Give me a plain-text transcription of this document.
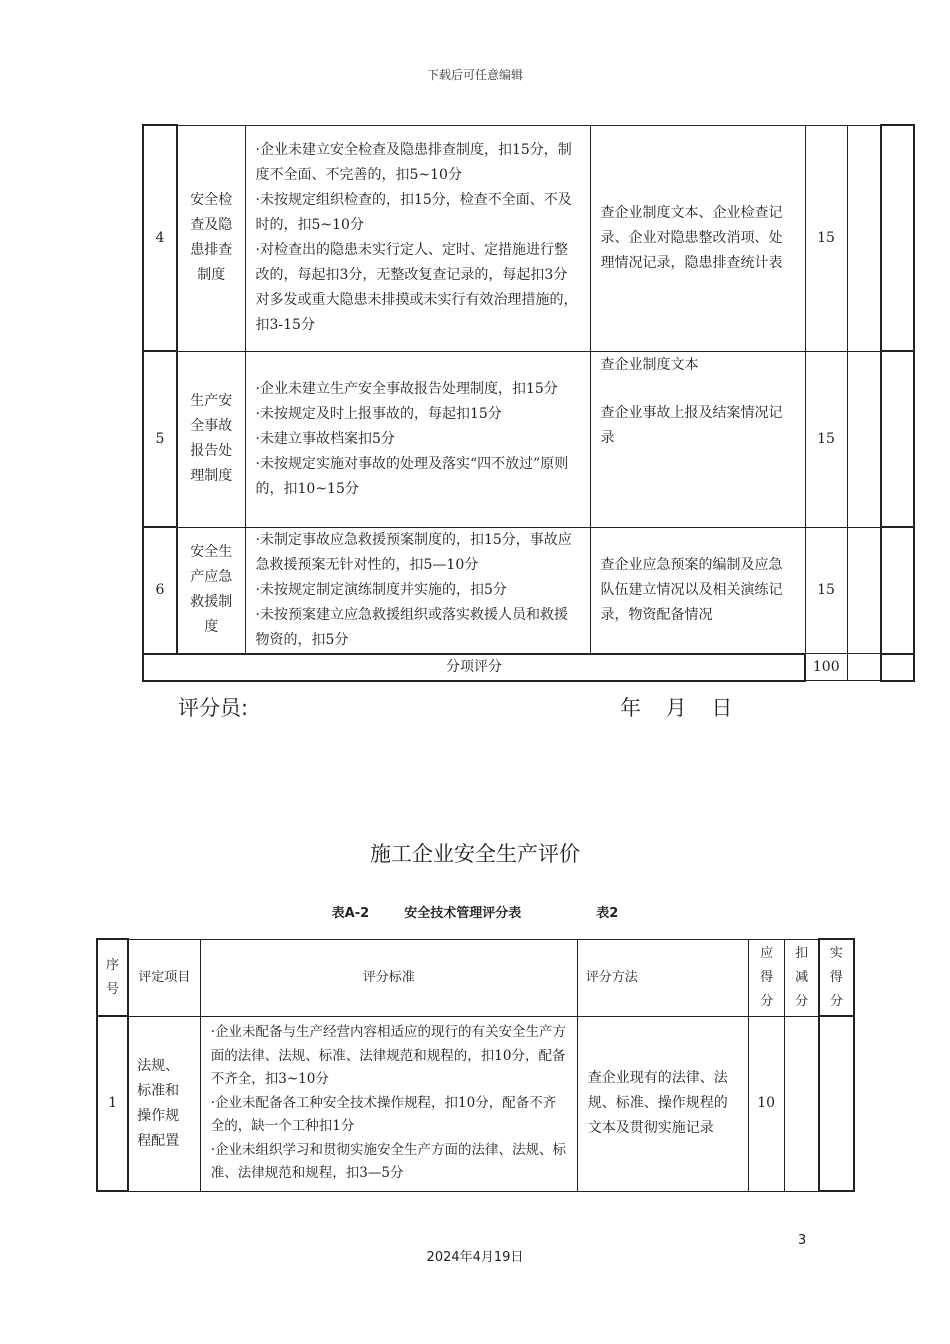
下载后可任意编辑
4	安全检查及隐患排查制度	·企业未建立安全检查及隐患排查制度，扣15分，制度不全面、不完善的，扣5~10分
·未按规定组织检查的，扣15分，检查不全面、不及时的，扣5~10分
·对检查出的隐患未实行定人、定时、定措施进行整改的，每起扣3分，无整改复查记录的，每起扣3分
对多发或重大隐患未排摸或未实行有效治理措施的，扣3-15分	查企业制度文本、企业检查记录、企业对隐患整改消项、处理情况记录，隐患排查统计表	15		
5	生产安全事故报告处理制度	·企业未建立生产安全事故报告处理制度，扣15分
·未按规定及时上报事故的，每起扣15分
·未建立事故档案扣5分
·未按规定实施对事故的处理及落实“四不放过”原则的，扣10~15分	查企业制度文本
查企业事故上报及结案情况记录	15		
6	安全生产应急救援制度	·未制定事故应急救援预案制度的，扣15分，事故应急救援预案无针对性的，扣5—10分
·未按规定制定演练制度并实施的，扣5分
·未按预案建立应急救援组织或落实救援人员和救援物资的，扣5分	查企业应急预案的编制及应急队伍建立情况以及相关演练记录，物资配备情况	15		
分项评分				100		
评分员:	年 月 日
施工企业安全生产评价
表A-2	安全技术管理评分表	表2
序号	评定项目	评分标准	评分方法	应得分	扣减分	实得分
1	法规、标准和操作规程配置	·企业未配备与生产经营内容相适应的现行的有关安全生产方面的法律、法规、标准、法律规范和规程的，扣10分，配备不齐全，扣3~10分
·企业未配备各工种安全技术操作规程，扣10分，配备不齐全的，缺一个工种扣1分
·企业未组织学习和贯彻实施安全生产方面的法律、法规、标准、法律规范和规程，扣3—5分	查企业现有的法律、法规、标准、操作规程的文本及贯彻实施记录	10		
3
2024年4月19日
